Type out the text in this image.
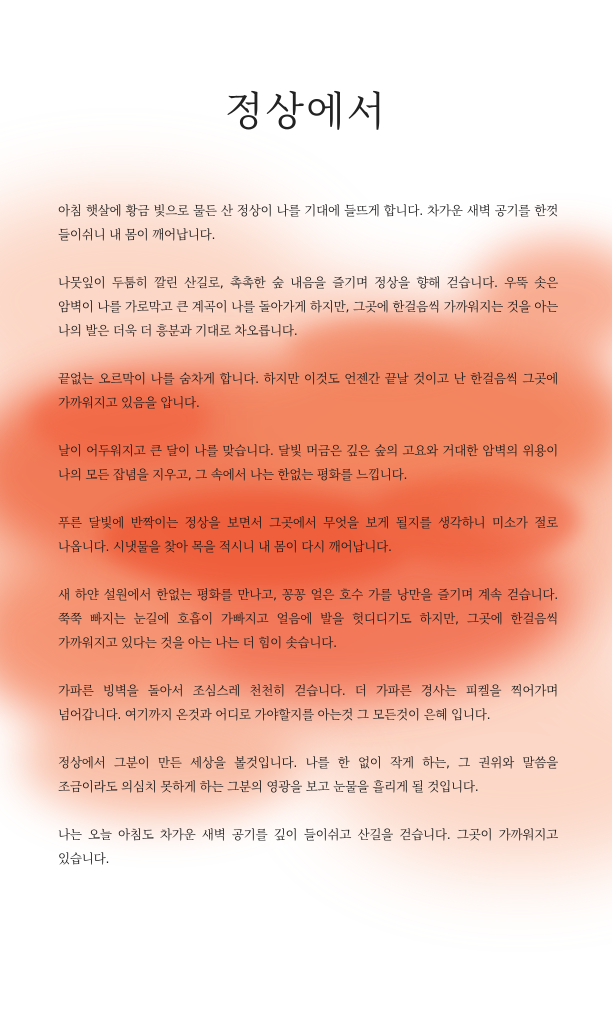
정상에서

아침 햇살에 황금 빛으로 물든 산 정상이 나를 기대에 들뜨게 합니다. 차가운 새벽 공기를 한껏 들이쉬니 내 몸이 깨어납니다.

나뭇잎이 두툼히 깔린 산길로, 촉촉한 숲 내음을 즐기며 정상을 향해 걷습니다. 우뚝 솟은 암벽이 나를 가로막고 큰 계곡이 나를 돌아가게 하지만, 그곳에 한걸음씩 가까워지는 것을 아는 나의 발은 더욱 더 흥분과 기대로 차오릅니다.

끝없는 오르막이 나를 숨차게 합니다. 하지만 이것도 언젠간 끝날 것이고 난 한걸음씩 그곳에 가까워지고 있음을 압니다.

날이 어두워지고 큰 달이 나를 맞습니다. 달빛 머금은 깊은 숲의 고요와 거대한 암벽의 위용이 나의 모든 잡념을 지우고, 그 속에서 나는 한없는 평화를 느낍니다.

푸른 달빛에 반짝이는 정상을 보면서 그곳에서 무엇을 보게 될지를 생각하니 미소가 절로 나옵니다. 시냇물을 찾아 목을 적시니 내 몸이 다시 깨어납니다.

새 하얀 설원에서 한없는 평화를 만나고, 꽁꽁 얼은 호수 가를 낭만을 즐기며 계속 걷습니다. 쭉쭉 빠지는 눈길에 호흡이 가빠지고 얼음에 발을 헛디디기도 하지만, 그곳에 한걸음씩 가까워지고 있다는 것을 아는 나는 더 힘이 솟습니다.

가파른 빙벽을 돌아서 조심스레 천천히 걷습니다. 더 가파른 경사는 피켈을 찍어가며 넘어갑니다. 여기까지 온것과 어디로 가야할지를 아는것 그 모든것이 은혜 입니다.

정상에서 그분이 만든 세상을 볼것입니다. 나를 한 없이 작게 하는, 그 권위와 말씀을 조금이라도 의심치 못하게 하는 그분의 영광을 보고 눈물을 흘리게 될 것입니다.

나는 오늘 아침도 차가운 새벽 공기를 깊이 들이쉬고 산길을 걷습니다. 그곳이 가까워지고 있습니다.
